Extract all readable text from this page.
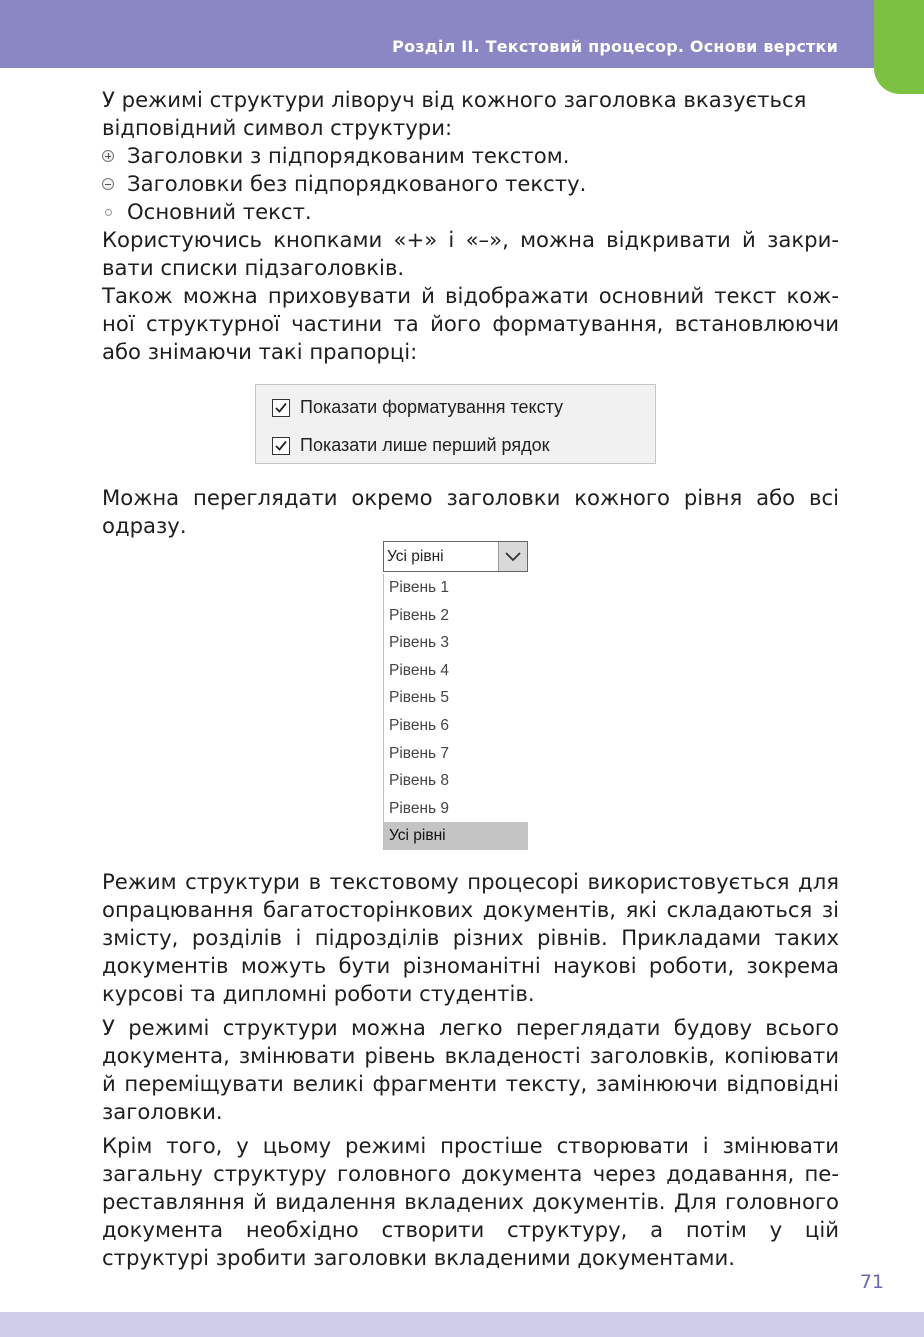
Розділ II. Текстовий процесор. Основи верстки

У режимі структури ліворуч від кожного заголовка вказується

відповідний символ структури:

Заголовки з підпорядкованим текстом.
Заголовки без підпорядкованого тексту.
Основний текст.

Користуючись кнопками «+» і «–», можна відкривати й закривати списки підзаголовків.

Також можна приховувати й відображати основний текст кожної структурної частини та його форматування, встановлюючи або знімаючи такі прапорці:

Показати форматування тексту
Показати лише перший рядок

Можна переглядати окремо заголовки кожного рівня або всі одразу.

Усі рівні
Рівень 1
Рівень 2
Рівень 3
Рівень 4
Рівень 5
Рівень 6
Рівень 7
Рівень 8
Рівень 9
Усі рівні

Режим структури в текстовому процесорі використовується для опрацювання багатосторінкових документів, які складаються зі змісту, розділів і підрозділів різних рівнів. Прикладами таких документів можуть бути різноманітні наукові роботи, зокрема курсові та дипломні роботи студентів.

У режимі структури можна легко переглядати будову всього документа, змінювати рівень вкладеності заголовків, копіювати й переміщувати великі фрагменти тексту, замінюючи відповідні заголовки.

Крім того, у цьому режимі простіше створювати і змінювати загальну структуру головного документа через додавання, переставляння й видалення вкладених документів. Для головного документа необхідно створити структуру, а потім у цій структурі зробити заголовки вкладеними документами.

71
